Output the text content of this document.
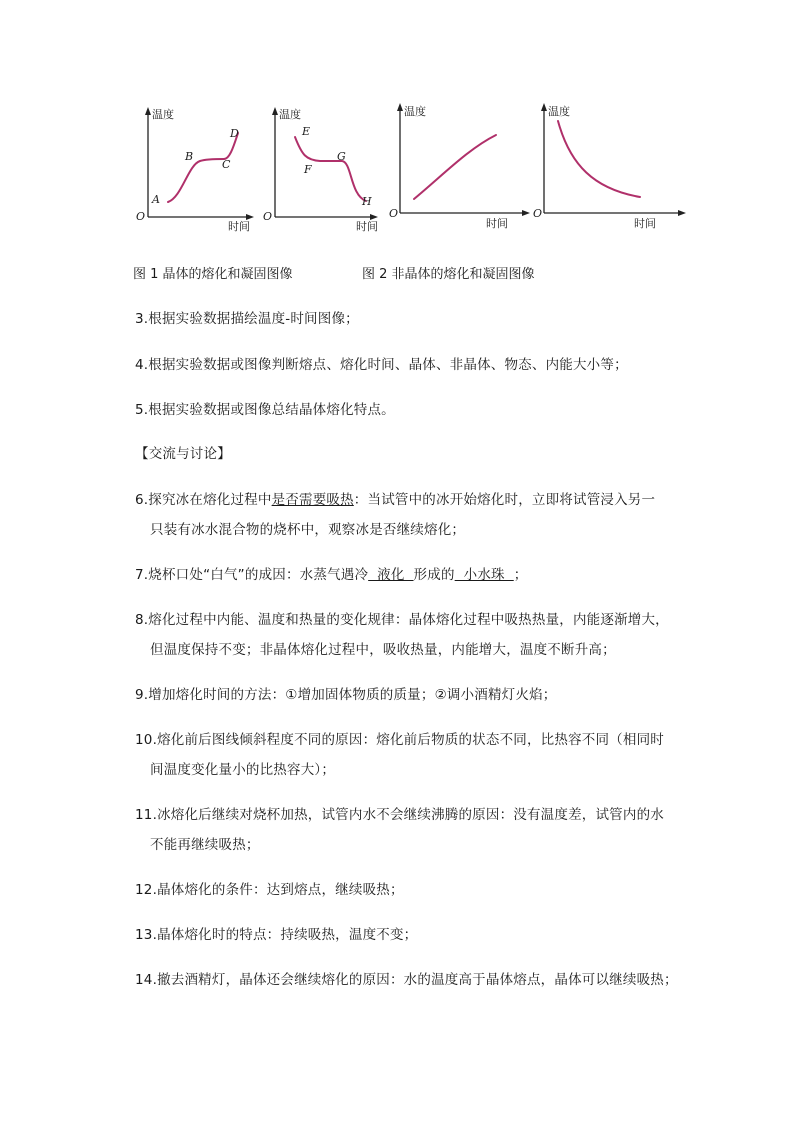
温度
时间
O
A
B
C
D
温度
时间
O
E
F
G
H
温度
时间
O
温度
时间
O
图 1 晶体的熔化和凝固图像	图 2 非晶体的熔化和凝固图像
3.根据实验数据描绘温度-时间图像；
4.根据实验数据或图像判断熔点、熔化时间、晶体、非晶体、物态、内能大小等；
5.根据实验数据或图像总结晶体熔化特点。
【交流与讨论】
6.探究冰在熔化过程中是否需要吸热：当试管中的冰开始熔化时，立即将试管浸入另一
只装有冰水混合物的烧杯中，观察冰是否继续熔化；
7.烧杯口处“白气”的成因：水蒸气遇冷  液化  形成的  小水珠  ；
8.熔化过程中内能、温度和热量的变化规律：晶体熔化过程中吸热热量，内能逐渐增大，
但温度保持不变；非晶体熔化过程中，吸收热量，内能增大，温度不断升高；
9.增加熔化时间的方法：①增加固体物质的质量；②调小酒精灯火焰；
10.熔化前后图线倾斜程度不同的原因：熔化前后物质的状态不同，比热容不同（相同时
间温度变化量小的比热容大）；
11.冰熔化后继续对烧杯加热，试管内水不会继续沸腾的原因：没有温度差，试管内的水
不能再继续吸热；
12.晶体熔化的条件：达到熔点，继续吸热；
13.晶体熔化时的特点：持续吸热，温度不变；
14.撤去酒精灯，晶体还会继续熔化的原因：水的温度高于晶体熔点，晶体可以继续吸热；
